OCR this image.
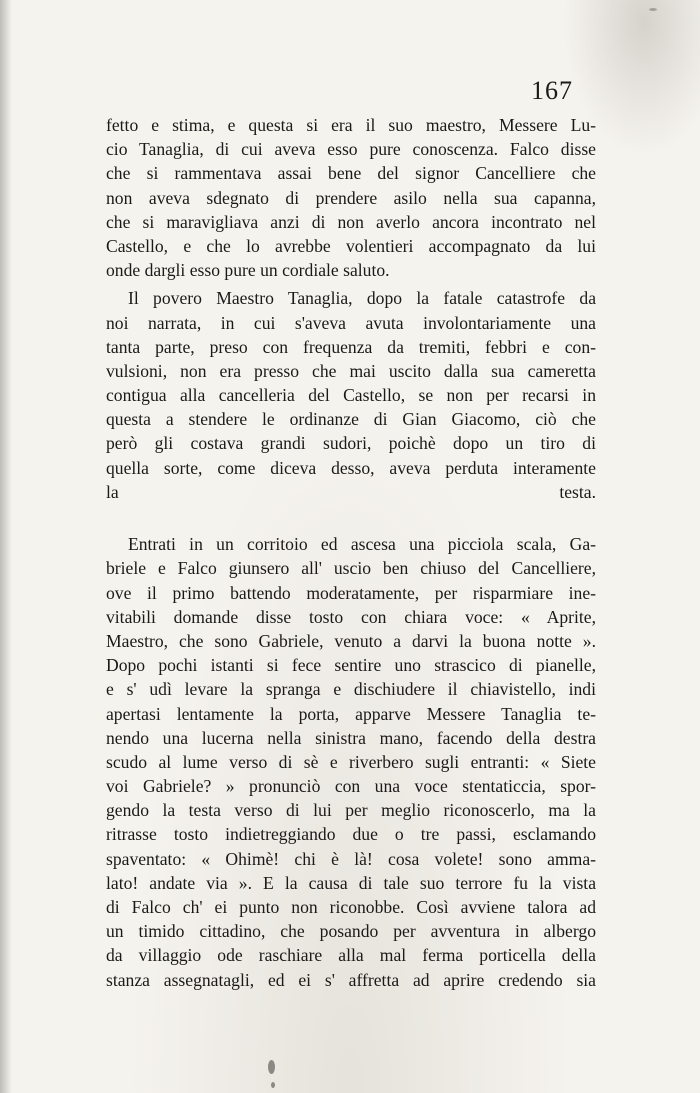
167
fetto e stima, e questa si era il suo maestro, Messere Lu-
cio Tanaglia, di cui aveva esso pure conoscenza. Falco disse
che si rammentava assai bene del signor Cancelliere che
non aveva sdegnato di prendere asilo nella sua capanna,
che si maravigliava anzi di non averlo ancora incontrato nel
Castello, e che lo avrebbe volentieri accompagnato da lui
onde dargli esso pure un cordiale saluto.
Il povero Maestro Tanaglia, dopo la fatale catastrofe da
noi narrata, in cui s'aveva avuta involontariamente una
tanta parte, preso con frequenza da tremiti, febbri e con-
vulsioni, non era presso che mai uscito dalla sua cameretta
contigua alla cancelleria del Castello, se non per recarsi in
questa a stendere le ordinanze di Gian Giacomo, ciò che
però gli costava grandi sudori, poichè dopo un tiro di
quella sorte, come diceva desso, aveva perduta interamente
la testa.
Entrati in un corritoio ed ascesa una picciola scala, Ga-
briele e Falco giunsero all' uscio ben chiuso del Cancelliere,
ove il primo battendo moderatamente, per risparmiare ine-
vitabili domande disse tosto con chiara voce: « Aprite,
Maestro, che sono Gabriele, venuto a darvi la buona notte ».
Dopo pochi istanti si fece sentire uno strascico di pianelle,
e s' udì levare la spranga e dischiudere il chiavistello, indi
apertasi lentamente la porta, apparve Messere Tanaglia te-
nendo una lucerna nella sinistra mano, facendo della destra
scudo al lume verso di sè e riverbero sugli entranti: « Siete
voi Gabriele? » pronunciò con una voce stentaticcia, spor-
gendo la testa verso di lui per meglio riconoscerlo, ma la
ritrasse tosto indietreggiando due o tre passi, esclamando
spaventato: « Ohimè! chi è là! cosa volete! sono amma-
lato! andate via ». E la causa di tale suo terrore fu la vista
di Falco ch' ei punto non riconobbe. Così avviene talora ad
un timido cittadino, che posando per avventura in albergo
da villaggio ode raschiare alla mal ferma porticella della
stanza assegnatagli, ed ei s' affretta ad aprire credendo sia
